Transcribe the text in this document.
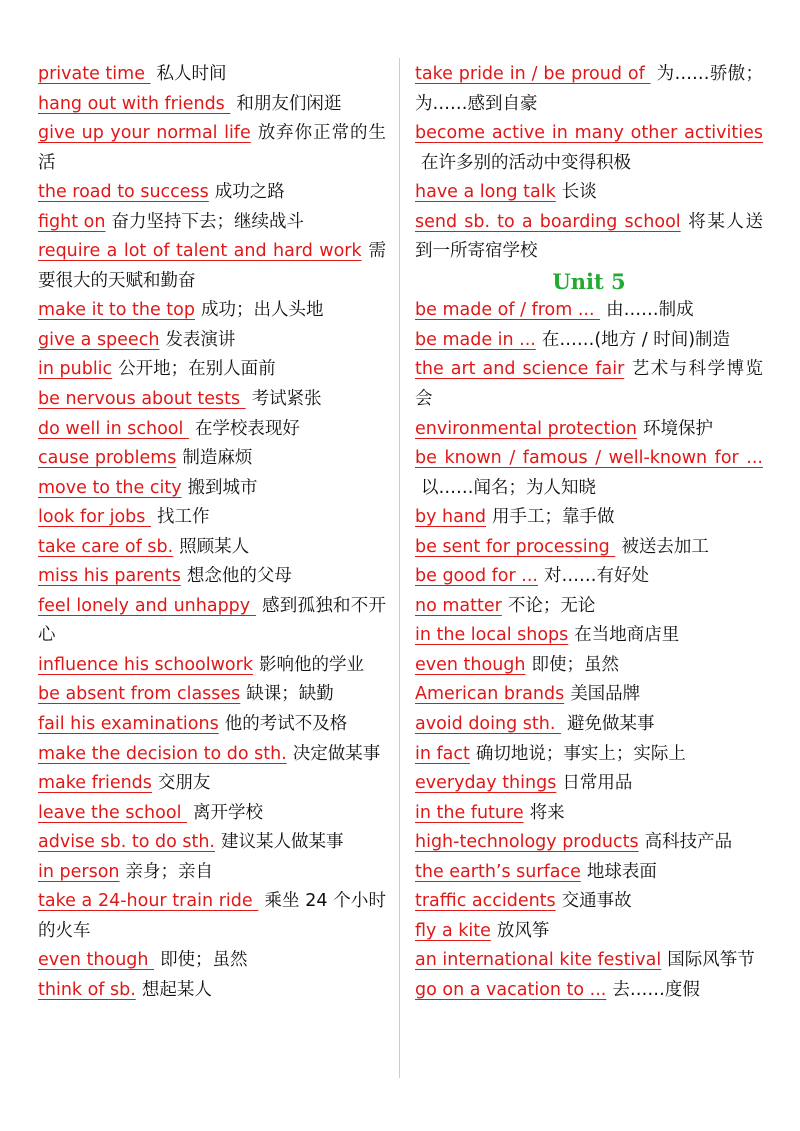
private time 私人时间
hang out with friends 和朋友们闲逛
give up your normal life 放弃你正常的生活
the road to success 成功之路
fight on 奋力坚持下去；继续战斗
require a lot of talent and hard work 需要很大的天赋和勤奋
make it to the top 成功；出人头地
give a speech 发表演讲
in public 公开地；在别人面前
be nervous about tests 考试紧张
do well in school 在学校表现好
cause problems 制造麻烦
move to the city 搬到城市
look for jobs 找工作
take care of sb. 照顾某人
miss his parents 想念他的父母
feel lonely and unhappy 感到孤独和不开心
influence his schoolwork 影响他的学业
be absent from classes 缺课；缺勤
fail his examinations 他的考试不及格
make the decision to do sth. 决定做某事
make friends 交朋友
leave the school 离开学校
advise sb. to do sth. 建议某人做某事
in person 亲身；亲自
take a 24-hour train ride 乘坐 24 个小时的火车
even though 即使；虽然
think of sb. 想起某人
take pride in / be proud of 为……骄傲；为……感到自豪
become active in many other activities在许多别的活动中变得积极
have a long talk 长谈
send sb. to a boarding school 将某人送到一所寄宿学校
Unit 5
be made of / from ... 由……制成
be made in ... 在……(地方 / 时间)制造
the art and science fair 艺术与科学博览会
environmental protection 环境保护
be known / famous / well-known for ...以……闻名；为人知晓
by hand 用手工；靠手做
be sent for processing 被送去加工
be good for ... 对……有好处
no matter 不论；无论
in the local shops 在当地商店里
even though 即使；虽然
American brands 美国品牌
avoid doing sth. 避免做某事
in fact 确切地说；事实上；实际上
everyday things 日常用品
in the future 将来
high-technology products 高科技产品
the earth’s surface 地球表面
traffic accidents 交通事故
fly a kite 放风筝
an international kite festival 国际风筝节
go on a vacation to ... 去……度假
